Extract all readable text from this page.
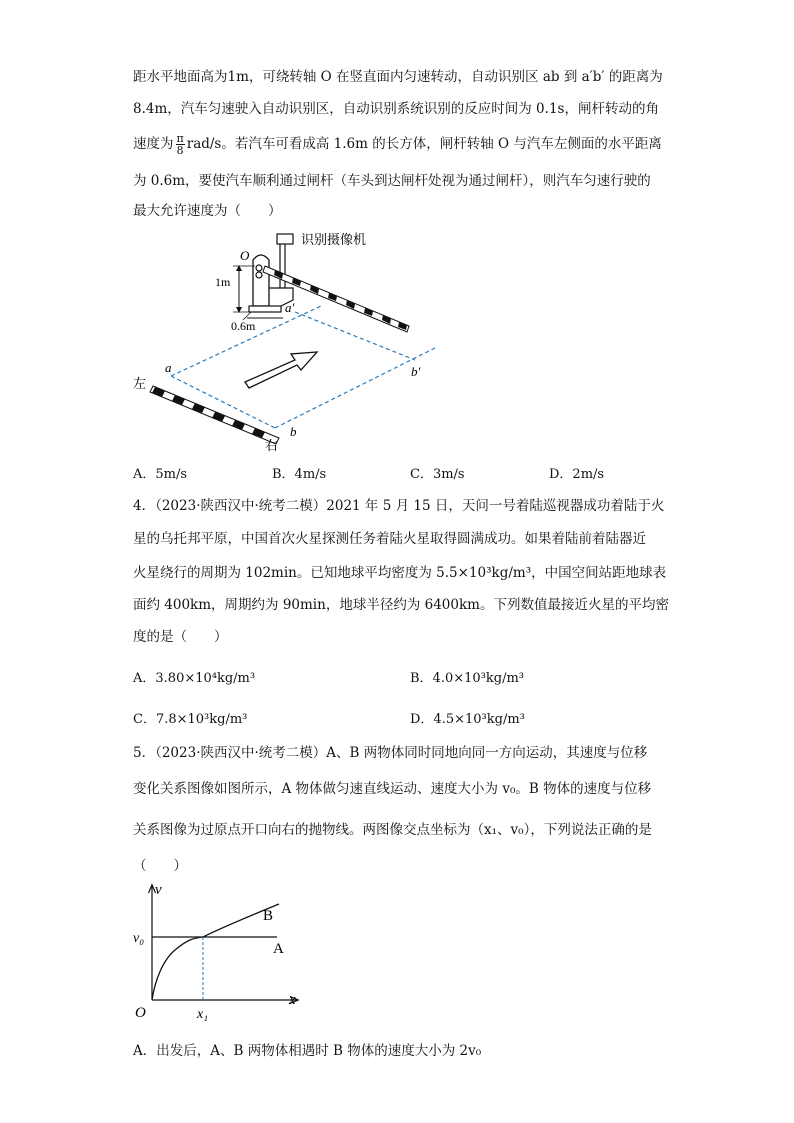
距水平地面高为1m，可绕转轴 O 在竖直面内匀速转动，自动识别区 ab 到 a′b′ 的距离为
8.4m，汽车匀速驶入自动识别区，自动识别系统识别的反应时间为 0.1s，闸杆转动的角
速度为 $\frac{\pi}{8} rad/s$。若汽车可看成高 1.6m 的长方体，闸杆转轴 O 与汽车左侧面的水平距离
为 0.6m，要使汽车顺利通过闸杆（车头到达闸杆处视为通过闸杆），则汽车匀速行驶的
最大允许速度为（　　）
识别摄像机
O
1m
0.6m
a′
b′
a
b
左
右
A．5m/s	B．4m/s	C．3m/s	D．2m/s
4．（2023·陕西汉中·统考二模）2021 年 5 月 15 日，天问一号着陆巡视器成功着陆于火
星的乌托邦平原，中国首次火星探测任务着陆火星取得圆满成功。如果着陆前着陆器近
火星绕行的周期为 102min。已知地球平均密度为 5.5×10³kg/m³，中国空间站距地球表
面约 400km，周期约为 90min，地球半径约为 6400km。下列数值最接近火星的平均密
度的是（　　）
A．3.80×10⁴kg/m³	B．4.0×10³kg/m³
C．7.8×10³kg/m³	D．4.5×10³kg/m³
5．（2023·陕西汉中·统考二模）A、B 两物体同时同地向同一方向运动，其速度与位移
变化关系图像如图所示，A 物体做匀速直线运动、速度大小为 v₀。B 物体的速度与位移
关系图像为过原点开口向右的抛物线。两图像交点坐标为（x₁、v₀），下列说法正确的是
（　　）
v
x
O
v₀
x₁
A
B
A．出发后，A、B 两物体相遇时 B 物体的速度大小为 2v₀
